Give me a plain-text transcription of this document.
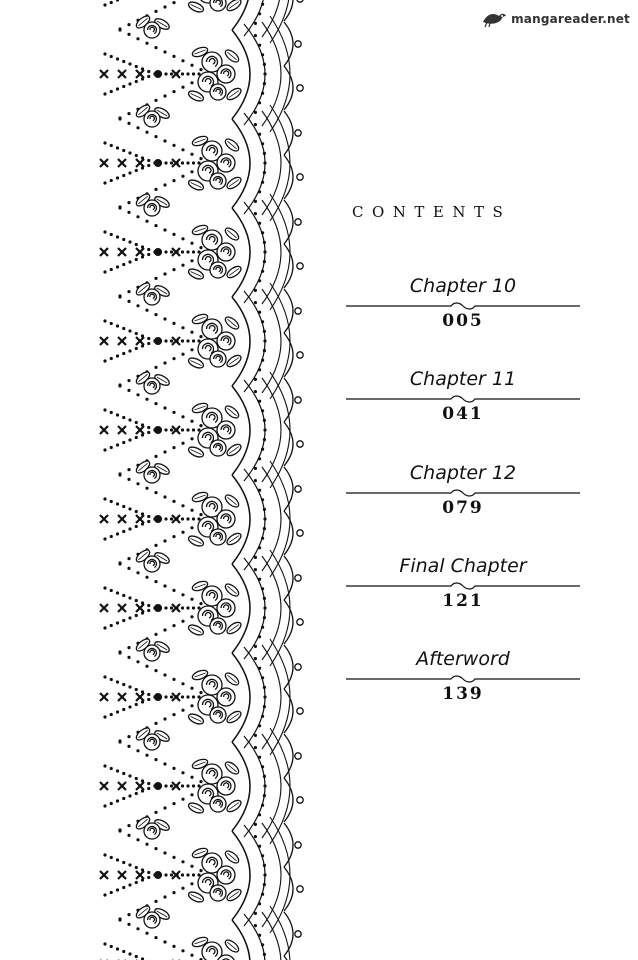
mangareader.net
CONTENTS
Chapter 10
005
Chapter 11
041
Chapter 12
079
Final Chapter
121
Afterword
139
